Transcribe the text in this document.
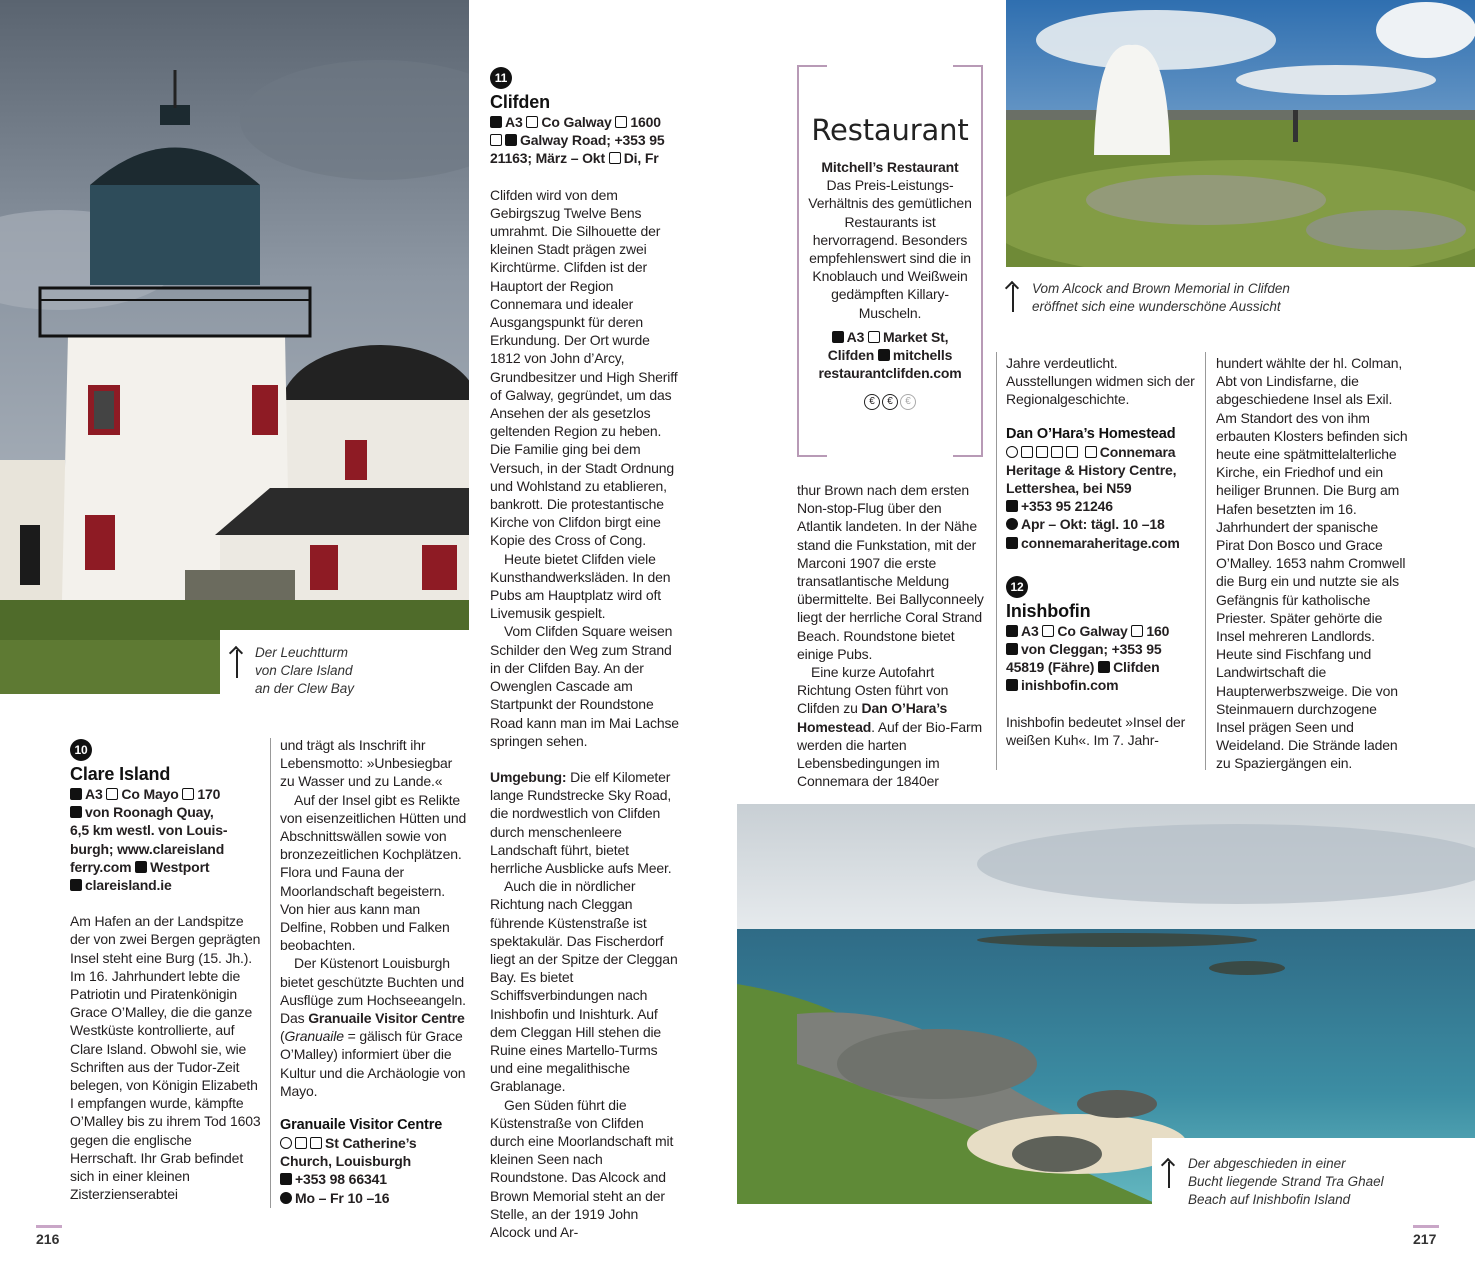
Der Leuchtturm
von Clare Island
an der Clew Bay
Vom Alcock and Brown Memorial in Clifden
eröffnet sich eine wunderschöne Aussicht
Der abgeschieden in einer
Bucht liegende Strand Tra Ghael
Beach auf Inishbofin Island
10
Clare Island
A3 Co Mayo 170
von Roonagh Quay,
6,5 km westl. von Louis-
burgh; www.clareisland
ferry.com Westport
clareisland.ie

Am Hafen an der Landspitze der von zwei Bergen geprägten Insel steht eine Burg (15. Jh.). Im 16. Jahrhundert lebte die Patriotin und Piratenkönigin Grace O’Malley, die die ganze Westküste kontrollierte, auf Clare Island. Obwohl sie, wie Schriften aus der Tudor-Zeit belegen, von Königin Elizabeth I empfangen wurde, kämpfte O’Malley bis zu ihrem Tod 1603 gegen die englische Herrschaft. Ihr Grab befindet sich in einer kleinen Zisterzienserabtei

und trägt als Inschrift ihr Lebensmotto: »Unbesiegbar zu Wasser und zu Lande.«

Auf der Insel gibt es Relikte von eisenzeitlichen Hütten und Abschnittswällen sowie von bronzezeitlichen Kochplätzen. Flora und Fauna der Moorlandschaft begeistern. Von hier aus kann man Delfine, Robben und Falken beobachten.

Der Küstenort Louisburgh bietet geschützte Buchten und Ausflüge zum Hochseeangeln. Das Granuaile Visitor Centre (Granuaile = gälisch für Grace O’Malley) informiert über die Kultur und die Archäologie von Mayo.

Granuaile Visitor Centre
St Catherine’s
Church, Louisburgh
+353 98 66341
Mo – Fr 10 –16
11
Clifden
A3 Co Galway 1600
Galway Road; +353 95
21163; März – Okt Di, Fr

Clifden wird von dem Gebirgszug Twelve Bens umrahmt. Die Silhouette der kleinen Stadt prägen zwei Kirchtürme. Clifden ist der Hauptort der Region Connemara und idealer Ausgangspunkt für deren Erkundung. Der Ort wurde 1812 von John d’Arcy, Grundbesitzer und High Sheriff of Galway, gegründet, um das Ansehen der als gesetzlos geltenden Region zu heben. Die Familie ging bei dem Versuch, in der Stadt Ordnung und Wohlstand zu etablieren, bankrott. Die protestantische Kirche von Clifdon birgt eine Kopie des Cross of Cong.

Heute bietet Clifden viele Kunsthandwerksläden. In den Pubs am Hauptplatz wird oft Livemusik gespielt.

Vom Clifden Square weisen Schilder den Weg zum Strand in der Clifden Bay. An der Owenglen Cascade am Startpunkt der Roundstone Road kann man im Mai Lachse springen sehen.

Umgebung: Die elf Kilometer lange Rundstrecke Sky Road, die nordwestlich von Clifden durch menschenleere Landschaft führt, bietet herrliche Ausblicke aufs Meer.

Auch die in nördlicher Richtung nach Cleggan führende Küstenstraße ist spektakulär. Das Fischerdorf liegt an der Spitze der Cleggan Bay. Es bietet Schiffsverbindungen nach Inishbofin und Inishturk. Auf dem Cleggan Hill stehen die Ruine eines Martello-Turms und eine megalithische Grablanage.

Gen Süden führt die Küstenstraße von Clifden durch eine Moorlandschaft mit kleinen Seen nach Roundstone. Das Alcock and Brown Memorial steht an der Stelle, an der 1919 John Alcock und Ar-

Restaurant
Mitchell’s Restaurant

Das Preis-Leistungs-Verhältnis des gemütlichen Restaurants ist hervorragend. Besonders empfehlenswert sind die in Knoblauch und Weißwein gedämpften Killary-Muscheln.

A3 Market St,
Clifden mitchells
restaurantclifden.com
€ € €

thur Brown nach dem ersten Non-stop-Flug über den Atlantik landeten. In der Nähe stand die Funkstation, mit der Marconi 1907 die erste transatlantische Meldung übermittelte. Bei Ballyconneely liegt der herrliche Coral Strand Beach. Roundstone bietet einige Pubs.

Eine kurze Autofahrt Richtung Osten führt von Clifden zu Dan O’Hara’s Homestead. Auf der Bio-Farm werden die harten Lebensbedingungen im Connemara der 1840er

Jahre verdeutlicht. Ausstellungen widmen sich der Regionalgeschichte.

Dan O’Hara’s Homestead
Connemara
Heritage & History Centre,
Lettershea, bei N59
+353 95 21246
Apr – Okt: tägl. 10 –18
connemaraheritage.com
12
Inishbofin
A3 Co Galway 160
von Cleggan; +353 95
45819 (Fähre) Clifden
inishbofin.com

Inishbofin bedeutet »Insel der weißen Kuh«. Im 7. Jahr-

hundert wählte der hl. Colman, Abt von Lindisfarne, die abgeschiedene Insel als Exil. Am Standort des von ihm erbauten Klosters befinden sich heute eine spätmittelalterliche Kirche, ein Friedhof und ein heiliger Brunnen. Die Burg am Hafen besetzten im 16. Jahrhundert der spanische Pirat Don Bosco und Grace O’Malley. 1653 nahm Cromwell die Burg ein und nutzte sie als Gefängnis für katholische Priester. Später gehörte die Insel mehreren Landlords. Heute sind Fischfang und Landwirtschaft die Haupterwerbszweige. Die von Steinmauern durchzogene Insel prägen Seen und Weideland. Die Strände laden zu Spaziergängen ein.

216	217
